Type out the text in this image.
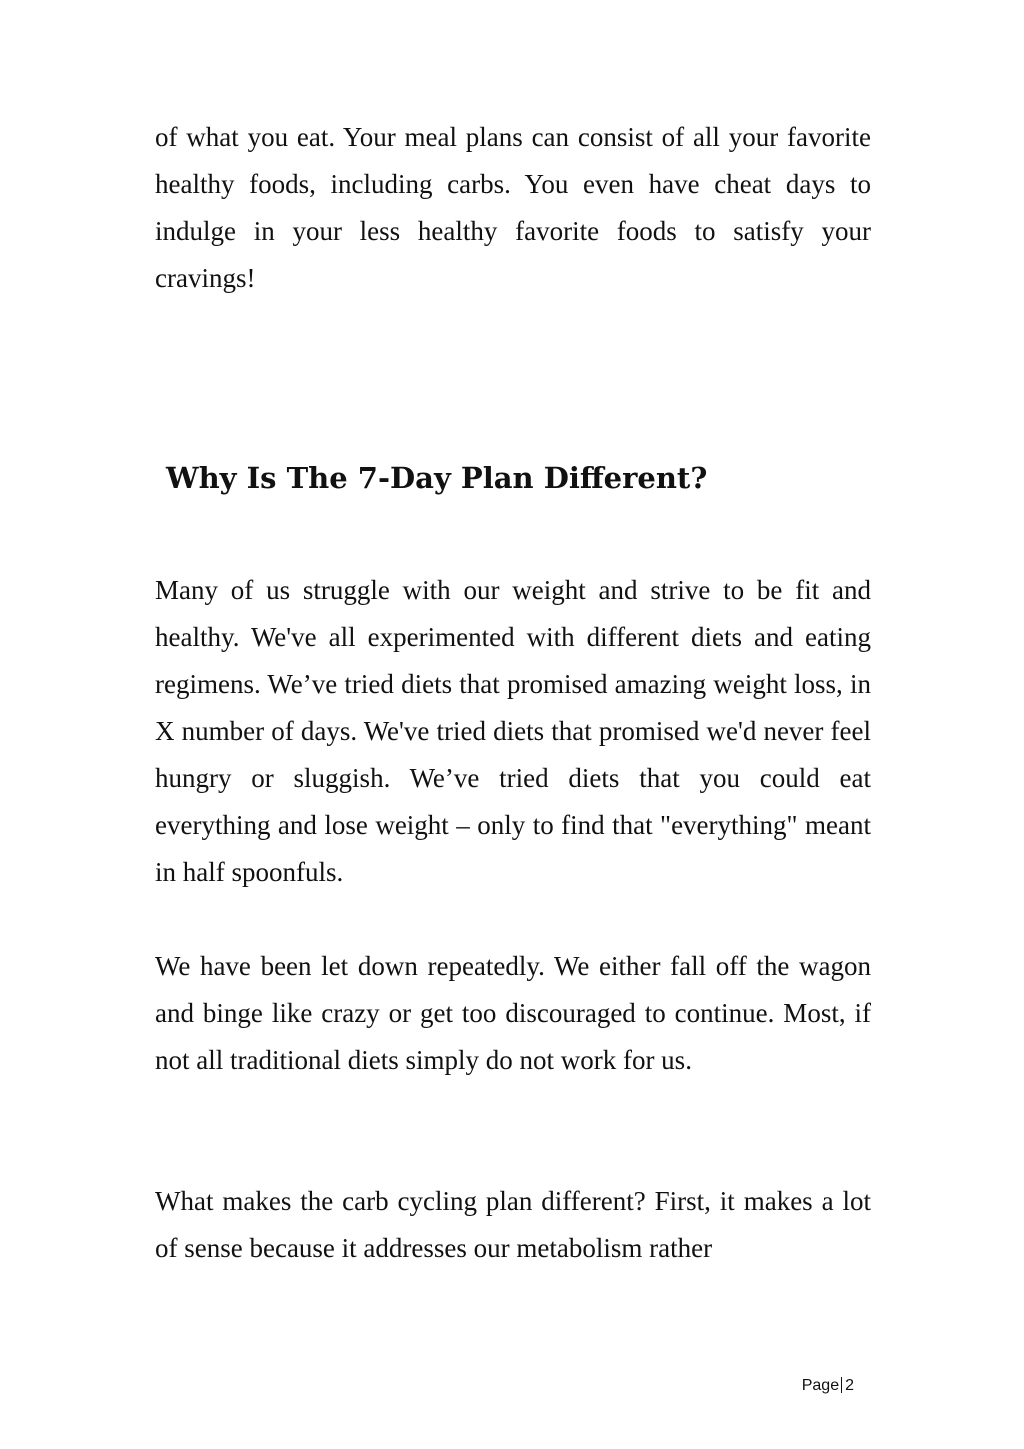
of what you eat. Your meal plans can consist of all your favorite healthy foods, including carbs. You even have cheat days to indulge in your less healthy favorite foods to satisfy your cravings!

Why Is The 7-Day Plan Different?

Many of us struggle with our weight and strive to be fit and healthy. We've all experimented with different diets and eating regimens. We’ve tried diets that promised amazing weight loss, in X number of days. We've tried diets that promised we'd never feel hungry or sluggish. We’ve tried diets that you could eat everything and lose weight – only to find that "everything" meant in half spoonfuls.

We have been let down repeatedly. We either fall off the wagon and binge like crazy or get too discouraged to continue. Most, if not all traditional diets simply do not work for us.

What makes the carb cycling plan different? First, it makes a lot of sense because it addresses our metabolism rather

Page 2
